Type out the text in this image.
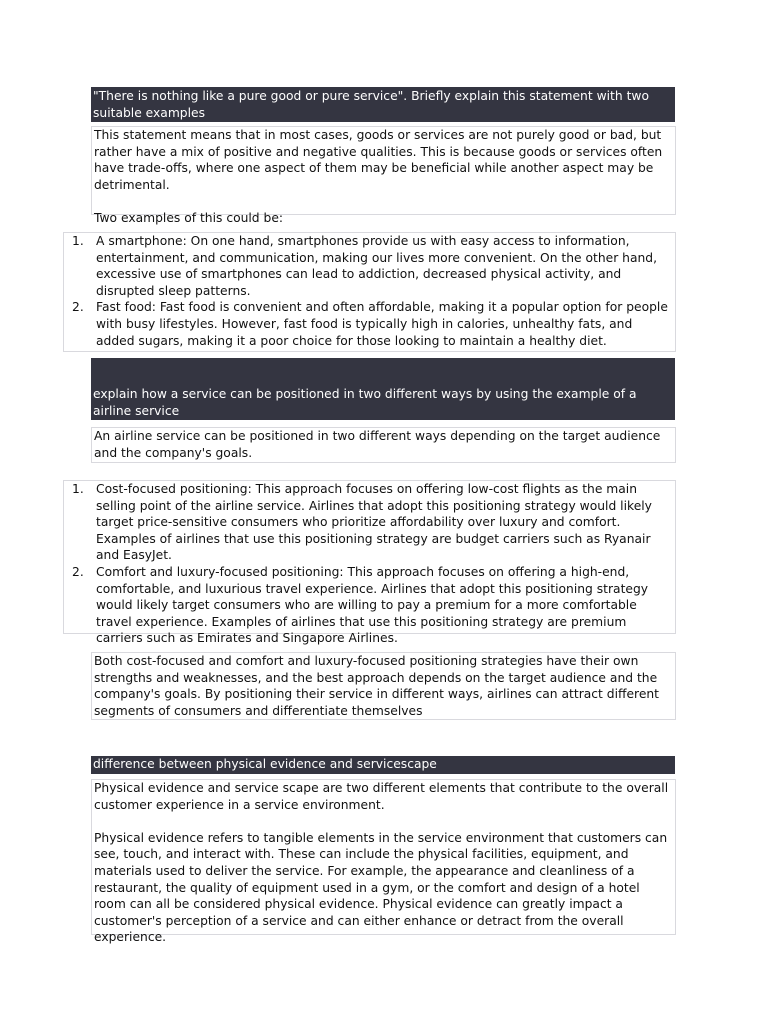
"There is nothing like a pure good or pure service". Briefly explain this statement with two suitable examples

This statement means that in most cases, goods or services are not purely good or bad, but rather have a mix of positive and negative qualities. This is because goods or services often have trade-offs, where one aspect of them may be beneficial while another aspect may be detrimental.

Two examples of this could be:

1. A smartphone: On one hand, smartphones provide us with easy access to information, entertainment, and communication, making our lives more convenient. On the other hand, excessive use of smartphones can lead to addiction, decreased physical activity, and disrupted sleep patterns.
2. Fast food: Fast food is convenient and often affordable, making it a popular option for people with busy lifestyles. However, fast food is typically high in calories, unhealthy fats, and added sugars, making it a poor choice for those looking to maintain a healthy diet.
explain how a service can be positioned in two different ways by using the example of a airline service

An airline service can be positioned in two different ways depending on the target audience and the company's goals.

1. Cost-focused positioning: This approach focuses on offering low-cost flights as the main selling point of the airline service. Airlines that adopt this positioning strategy would likely target price-sensitive consumers who prioritize affordability over luxury and comfort. Examples of airlines that use this positioning strategy are budget carriers such as Ryanair and EasyJet.
2. Comfort and luxury-focused positioning: This approach focuses on offering a high-end, comfortable, and luxurious travel experience. Airlines that adopt this positioning strategy would likely target consumers who are willing to pay a premium for a more comfortable travel experience. Examples of airlines that use this positioning strategy are premium carriers such as Emirates and Singapore Airlines.

Both cost-focused and comfort and luxury-focused positioning strategies have their own strengths and weaknesses, and the best approach depends on the target audience and the company's goals. By positioning their service in different ways, airlines can attract different segments of consumers and differentiate themselves

difference between physical evidence and servicescape

Physical evidence and service scape are two different elements that contribute to the overall customer experience in a service environment.

Physical evidence refers to tangible elements in the service environment that customers can see, touch, and interact with. These can include the physical facilities, equipment, and materials used to deliver the service. For example, the appearance and cleanliness of a restaurant, the quality of equipment used in a gym, or the comfort and design of a hotel room can all be considered physical evidence. Physical evidence can greatly impact a customer's perception of a service and can either enhance or detract from the overall experience.
